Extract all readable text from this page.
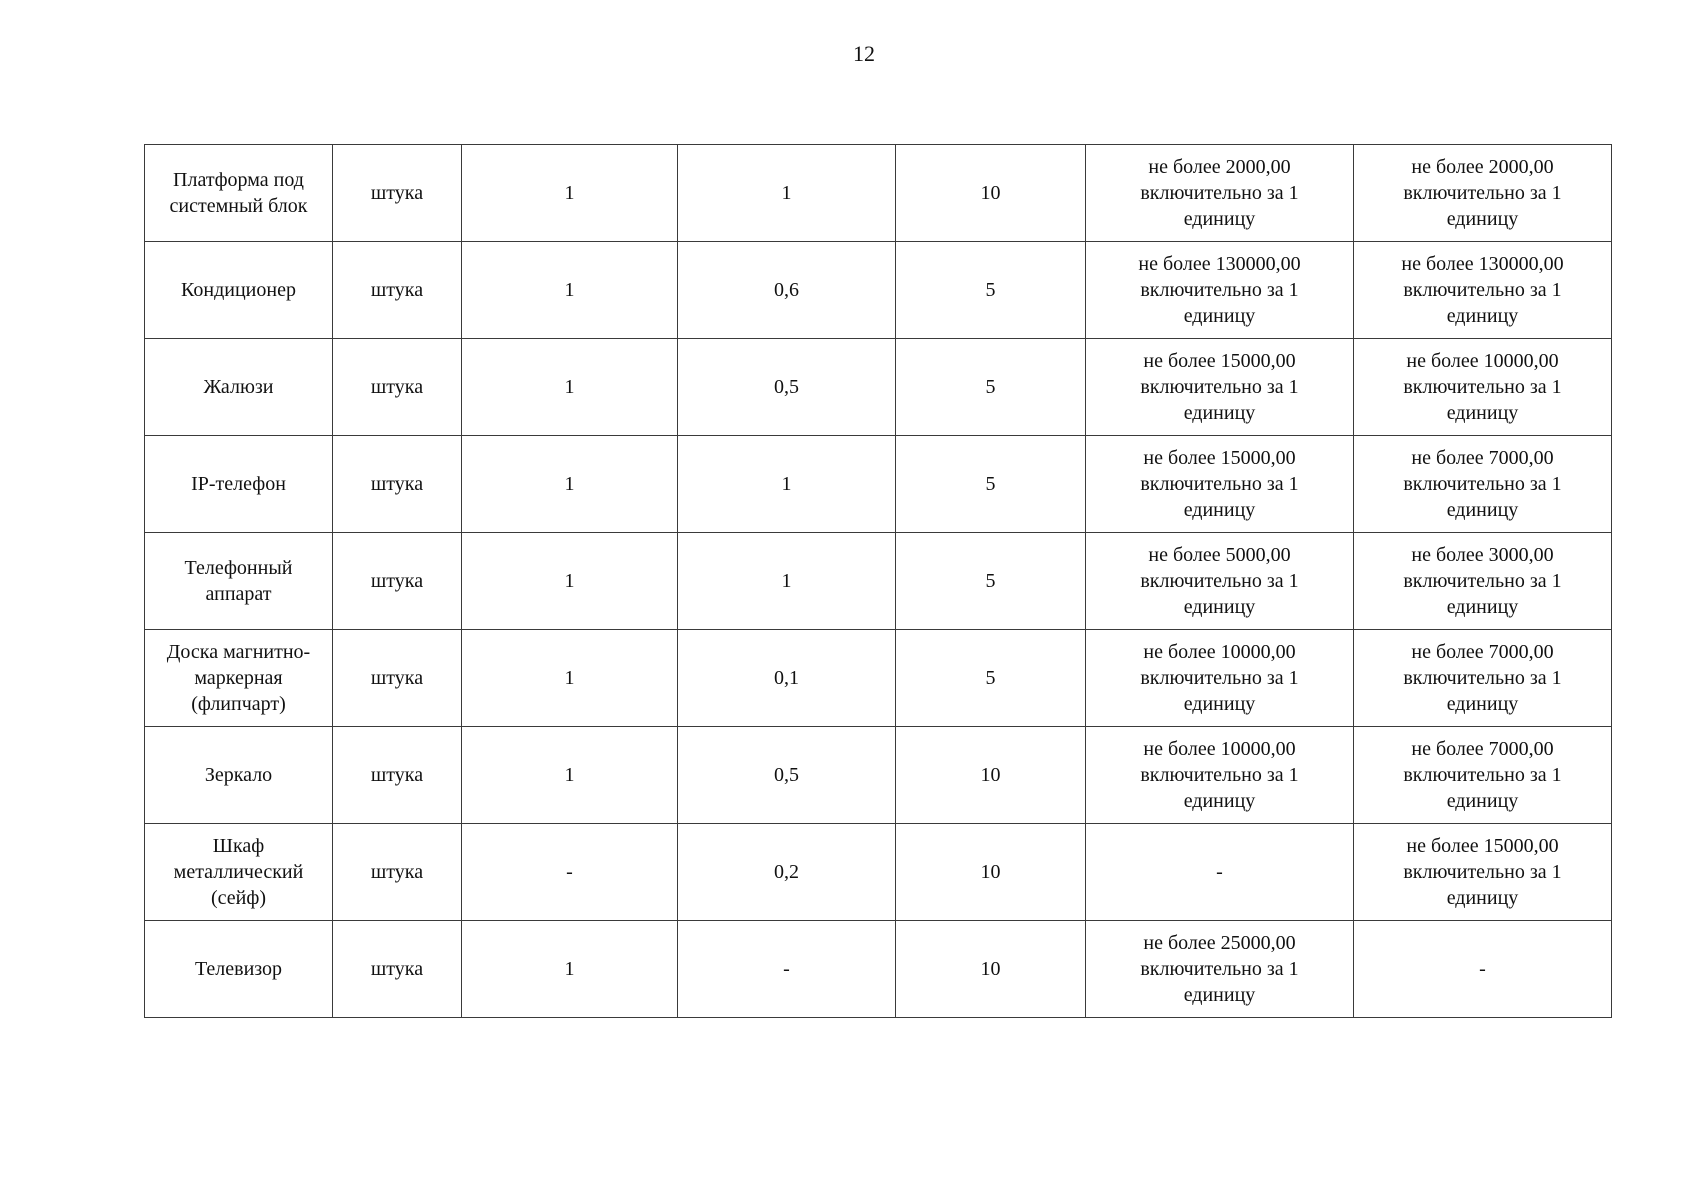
12
Платформа под
системный блок	штука	1	1	10	не более 2000,00
включительно за 1
единицу	не более 2000,00
включительно за 1
единицу
Кондиционер	штука	1	0,6	5	не более 130000,00
включительно за 1
единицу	не более 130000,00
включительно за 1
единицу
Жалюзи	штука	1	0,5	5	не более 15000,00
включительно за 1
единицу	не более 10000,00
включительно за 1
единицу
IP-телефон	штука	1	1	5	не более 15000,00
включительно за 1
единицу	не более 7000,00
включительно за 1
единицу
Телефонный
аппарат	штука	1	1	5	не более 5000,00
включительно за 1
единицу	не более 3000,00
включительно за 1
единицу
Доска магнитно-
маркерная
(флипчарт)	штука	1	0,1	5	не более 10000,00
включительно за 1
единицу	не более 7000,00
включительно за 1
единицу
Зеркало	штука	1	0,5	10	не более 10000,00
включительно за 1
единицу	не более 7000,00
включительно за 1
единицу
Шкаф
металлический
(сейф)	штука	-	0,2	10	-	не более 15000,00
включительно за 1
единицу
Телевизор	штука	1	-	10	не более 25000,00
включительно за 1
единицу	-
